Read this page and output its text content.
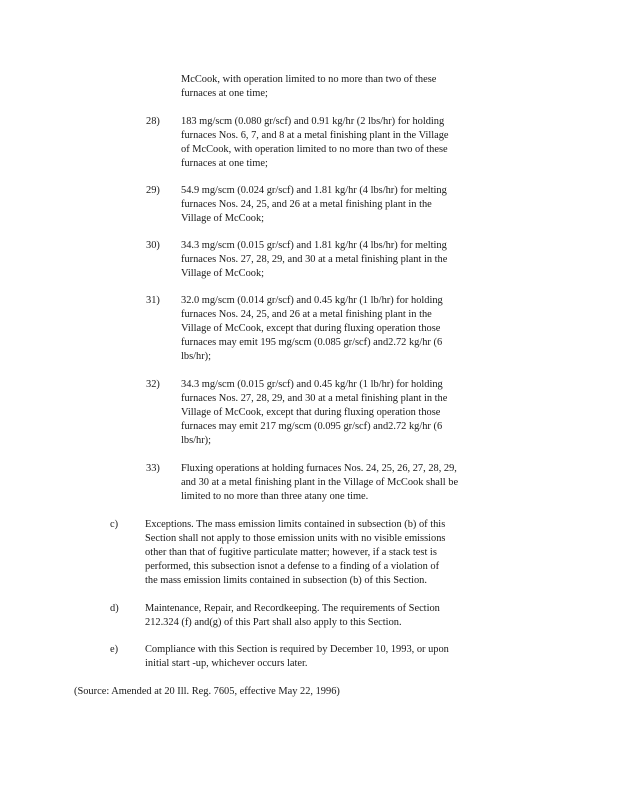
McCook, with operation limited to no more than two of these
furnaces at one time;
28) 183 mg/scm (0.080 gr/scf) and 0.91 kg/hr (2 lbs/hr) for holding
furnaces Nos. 6, 7, and 8 at a metal finishing plant in the Village
of McCook, with operation limited to no more than two of these
furnaces at one time;
29) 54.9 mg/scm (0.024 gr/scf) and 1.81 kg/hr (4 lbs/hr) for melting
furnaces Nos. 24, 25, and 26 at a metal finishing plant in the
Village of McCook;
30) 34.3 mg/scm (0.015 gr/scf) and 1.81 kg/hr (4 lbs/hr) for melting
furnaces Nos. 27, 28, 29, and 30 at a metal finishing plant in the
Village of McCook;
31) 32.0 mg/scm (0.014 gr/scf) and 0.45 kg/hr (1 lb/hr) for holding
furnaces Nos. 24, 25, and 26 at a metal finishing plant in the
Village of McCook, except that during fluxing operation those
furnaces may emit 195 mg/scm (0.085 gr/scf) and2.72 kg/hr (6
lbs/hr);
32) 34.3 mg/scm (0.015 gr/scf) and 0.45 kg/hr (1 lb/hr) for holding
furnaces Nos. 27, 28, 29, and 30 at a metal finishing plant in the
Village of McCook, except that during fluxing operation those
furnaces may emit 217 mg/scm (0.095 gr/scf) and2.72 kg/hr (6
lbs/hr);
33) Fluxing operations at holding furnaces Nos. 24, 25, 26, 27, 28, 29,
and 30 at a metal finishing plant in the Village of McCook shall be
limited to no more than three atany one time.
c)	Exceptions. The mass emission limits contained in subsection (b) of this
Section shall not apply to those emission units with no visible emissions
other than that of fugitive particulate matter; however, if a stack test is
performed, this subsection isnot a defense to a finding of a violation of
the mass emission limits contained in subsection (b) of this Section.
d)	Maintenance, Repair, and Recordkeeping. The requirements of Section
212.324 (f) and(g) of this Part shall also apply to this Section.
e)	Compliance with this Section is required by December 10, 1993, or upon
initial start -up, whichever occurs later.
(Source: Amended at 20 Ill. Reg. 7605, effective May 22, 1996)
